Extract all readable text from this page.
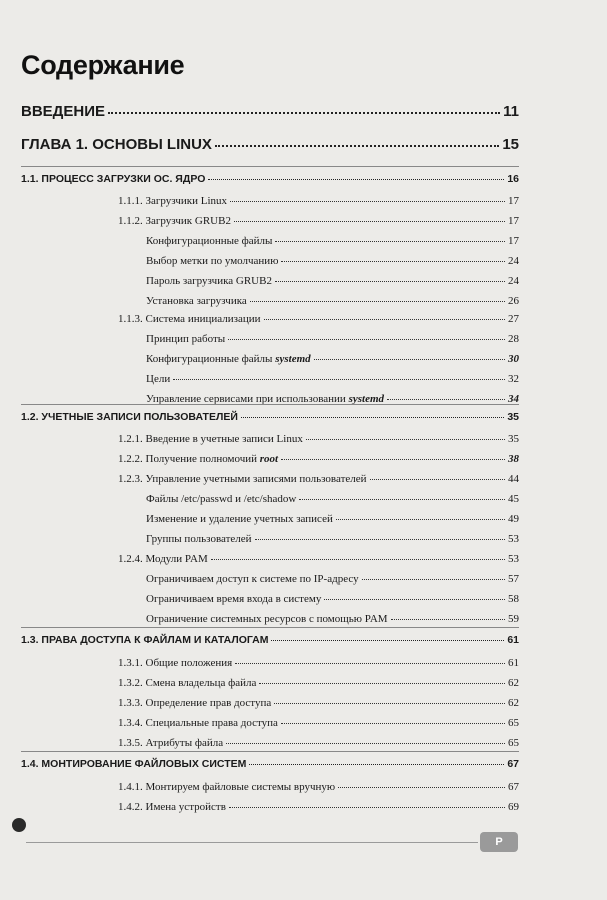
Содержание
ВВЕДЕНИЕ	11
ГЛАВА 1. ОСНОВЫ LINUX	15
1.1. ПРОЦЕСС ЗАГРУЗКИ ОС. ЯДРО	16
1.1.1. Загрузчики Linux	17
1.1.2. Загрузчик GRUB2	17
Конфигурационные файлы	17
Выбор метки по умолчанию	24
Пароль загрузчика GRUB2	24
Установка загрузчика	26
1.1.3. Система инициализации	27
Принцип работы	28
Конфигурационные файлы systemd	30
Цели	32
Управление сервисами при использовании systemd	34
1.2. УЧЕТНЫЕ ЗАПИСИ ПОЛЬЗОВАТЕЛЕЙ	35
1.2.1. Введение в учетные записи Linux	35
1.2.2. Получение полномочий root	38
1.2.3. Управление учетными записями пользователей	44
Файлы /etc/passwd и /etc/shadow	45
Изменение и удаление учетных записей	49
Группы пользователей	53
1.2.4. Модули PAM	53
Ограничиваем доступ к системе по IP-адресу	57
Ограничиваем время входа в систему	58
Ограничение системных ресурсов с помощью PAM	59
1.3. ПРАВА ДОСТУПА К ФАЙЛАМ И КАТАЛОГАМ	61
1.3.1. Общие положения	61
1.3.2. Смена владельца файла	62
1.3.3. Определение прав доступа	62
1.3.4. Специальные права доступа	65
1.3.5. Атрибуты файла	65
1.4. МОНТИРОВАНИЕ ФАЙЛОВЫХ СИСТЕМ	67
1.4.1. Монтируем файловые системы вручную	67
1.4.2. Имена устройств	69
P
